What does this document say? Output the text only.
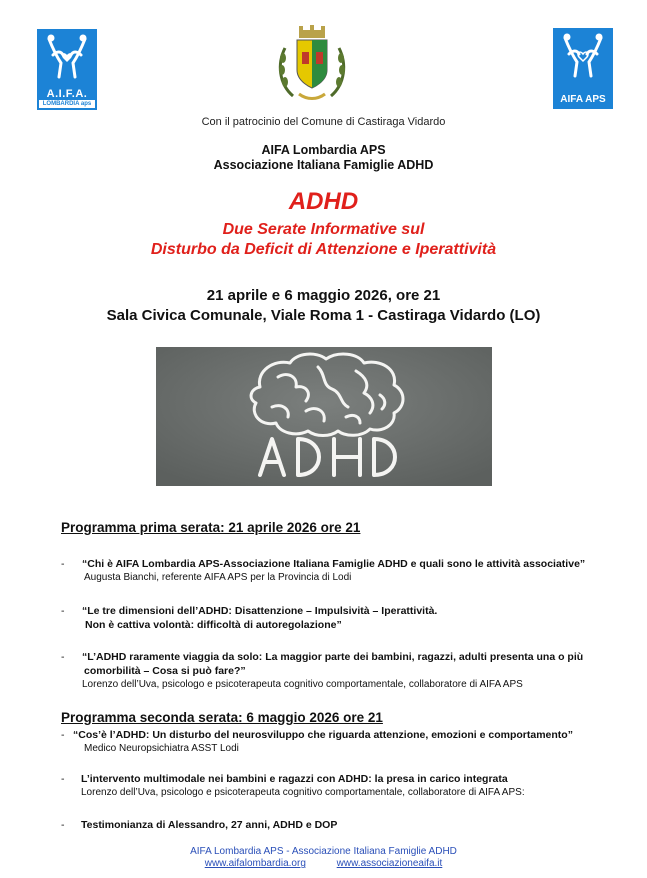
A.I.F.A.
LOMBARDIA aps	AIFA APS
Con il patrocinio del Comune di Castiraga Vidardo
AIFA Lombardia APS
Associazione Italiana Famiglie ADHD
ADHD
Due Serate Informative sul
Disturbo da Deficit di Attenzione e Iperattività
21 aprile e 6 maggio 2026, ore 21
Sala Civica Comunale, Viale Roma 1 - Castiraga Vidardo (LO)
Programma prima serata: 21 aprile 2026 ore 21
- “Chi è AIFA Lombardia APS-Associazione Italiana Famiglie ADHD e quali sono le attività associative”
Augusta Bianchi, referente AIFA APS per la Provincia di Lodi
- “Le tre dimensioni dell’ADHD: Disattenzione – Impulsività – Iperattività.
Non è cattiva volontà: difficoltà di autoregolazione”
- “L’ADHD raramente viaggia da solo: La maggior parte dei bambini, ragazzi, adulti presenta una o più
comorbilità – Cosa si può fare?”
Lorenzo dell’Uva, psicologo e psicoterapeuta cognitivo comportamentale, collaboratore di AIFA APS
Programma seconda serata: 6 maggio 2026 ore 21
- “Cos’è l’ADHD: Un disturbo del neurosviluppo che riguarda attenzione, emozioni e comportamento”
Medico Neuropsichiatra ASST Lodi
- L’intervento multimodale nei bambini e ragazzi con ADHD: la presa in carico integrata
Lorenzo dell’Uva, psicologo e psicoterapeuta cognitivo comportamentale, collaboratore di AIFA APS:
- Testimonianza di Alessandro, 27 anni, ADHD e DOP
AIFA Lombardia APS - Associazione Italiana Famiglie ADHD
www.aifalombardia.org	www.associazioneaifa.it
